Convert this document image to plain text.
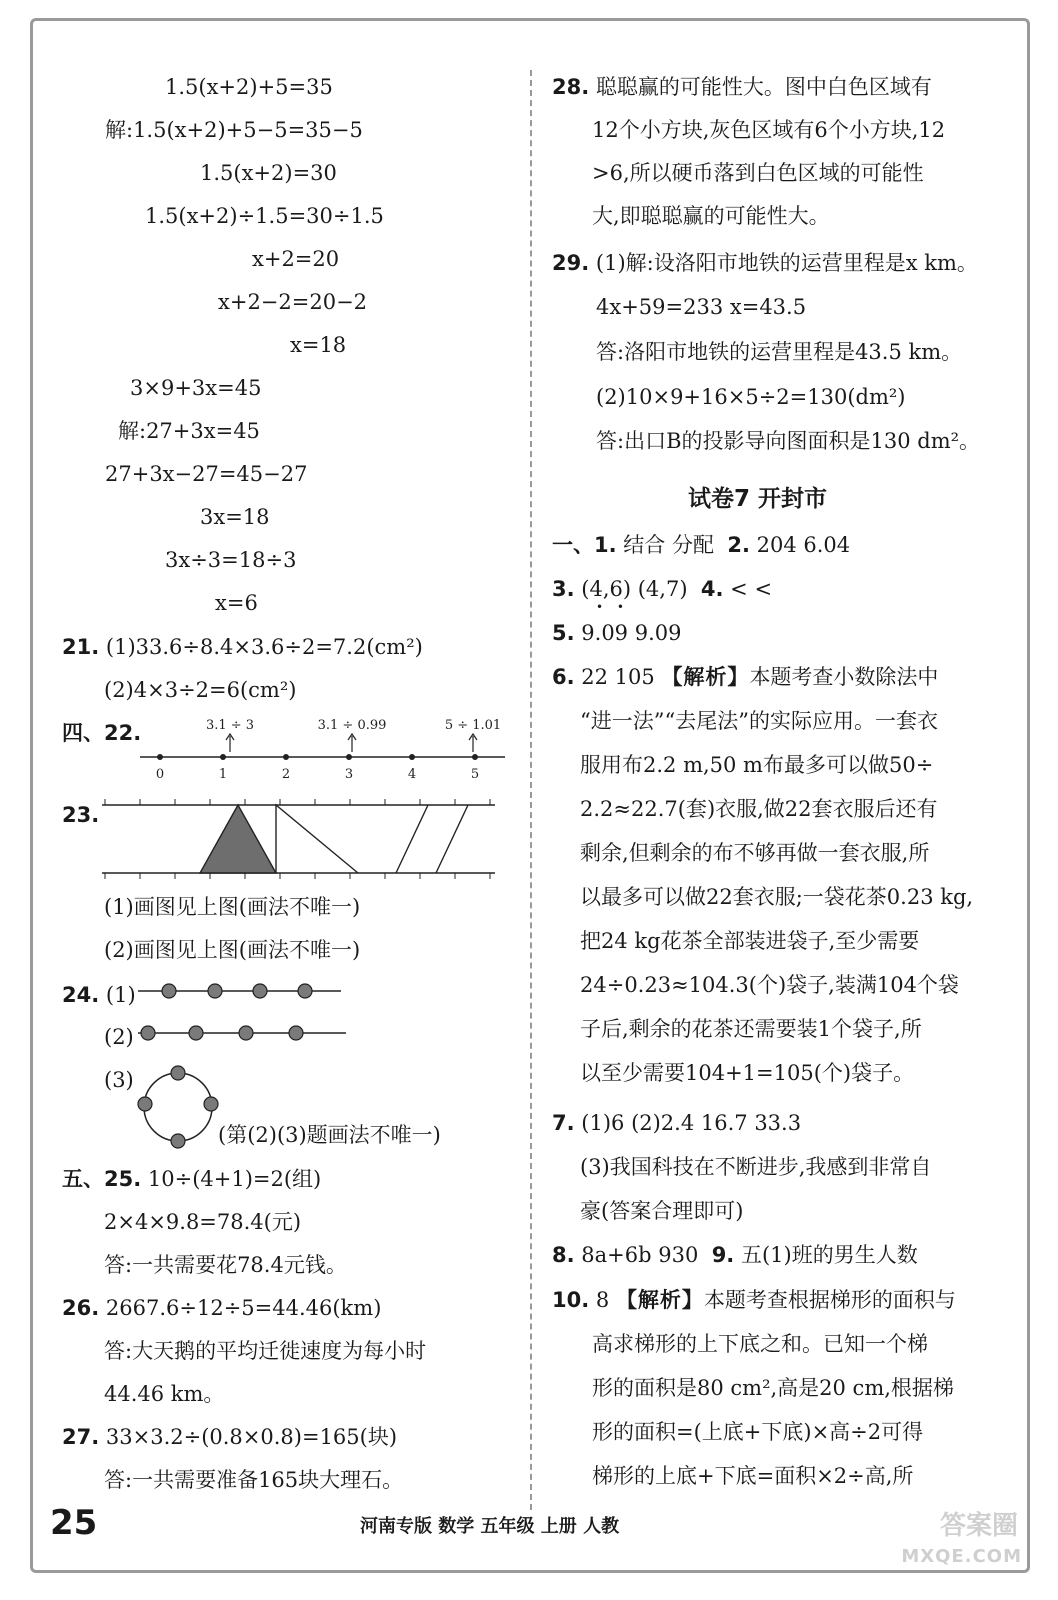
1.5(x+2)+5=35
解:1.5(x+2)+5−5=35−5
1.5(x+2)=30
1.5(x+2)÷1.5=30÷1.5
x+2=20
x+2−2=20−2
x=18
3×9+3x=45
解:27+3x=45
27+3x−27=45−27
3x=18
3x÷3=18÷3
x=6
21. (1)33.6÷8.4×3.6÷2=7.2(cm²)
(2)4×3÷2=6(cm²)
四、22.
0	1	2	3	4	5
3.1 ÷ 3	3.1 ÷ 0.99	5 ÷ 1.01
23.
(1)画图见上图(画法不唯一)
(2)画图见上图(画法不唯一)
24. (1)
(2)
(3)
(第(2)(3)题画法不唯一)
五、25. 10÷(4+1)=2(组)
2×4×9.8=78.4(元)
答:一共需要花78.4元钱。
26. 2667.6÷12÷5=44.46(km)
答:大天鹅的平均迁徙速度为每小时
44.46 km。
27. 33×3.2÷(0.8×0.8)=165(块)
答:一共需要准备165块大理石。
28. 聪聪赢的可能性大。图中白色区域有
12个小方块,灰色区域有6个小方块,12
>6,所以硬币落到白色区域的可能性
大,即聪聪赢的可能性大。
29. (1)解:设洛阳市地铁的运营里程是x km。
4x+59=233 x=43.5
答:洛阳市地铁的运营里程是43.5 km。
(2)10×9+16×5÷2=130(dm²)
答:出口B的投影导向图面积是130 dm²。
试卷7 开封市
一、1. 结合 分配 2. 204 6.04
3. (4,6) (4,7) 4. < <
• •
5. 9.09 9.09
6. 22 105 【解析】本题考查小数除法中
“进一法”“去尾法”的实际应用。一套衣
服用布2.2 m,50 m布最多可以做50÷
2.2≈22.7(套)衣服,做22套衣服后还有
剩余,但剩余的布不够再做一套衣服,所
以最多可以做22套衣服;一袋花茶0.23 kg,
把24 kg花茶全部装进袋子,至少需要
24÷0.23≈104.3(个)袋子,装满104个袋
子后,剩余的花茶还需要装1个袋子,所
以至少需要104+1=105(个)袋子。
7. (1)6 (2)2.4 16.7 33.3
(3)我国科技在不断进步,我感到非常自
豪(答案合理即可)
8. 8a+6b 930 9. 五(1)班的男生人数
10. 8 【解析】本题考查根据梯形的面积与
高求梯形的上下底之和。已知一个梯
形的面积是80 cm²,高是20 cm,根据梯
形的面积=(上底+下底)×高÷2可得
梯形的上底+下底=面积×2÷高,所
25	河南专版 数学 五年级 上册 人教	答案圈
MXQE.COM
